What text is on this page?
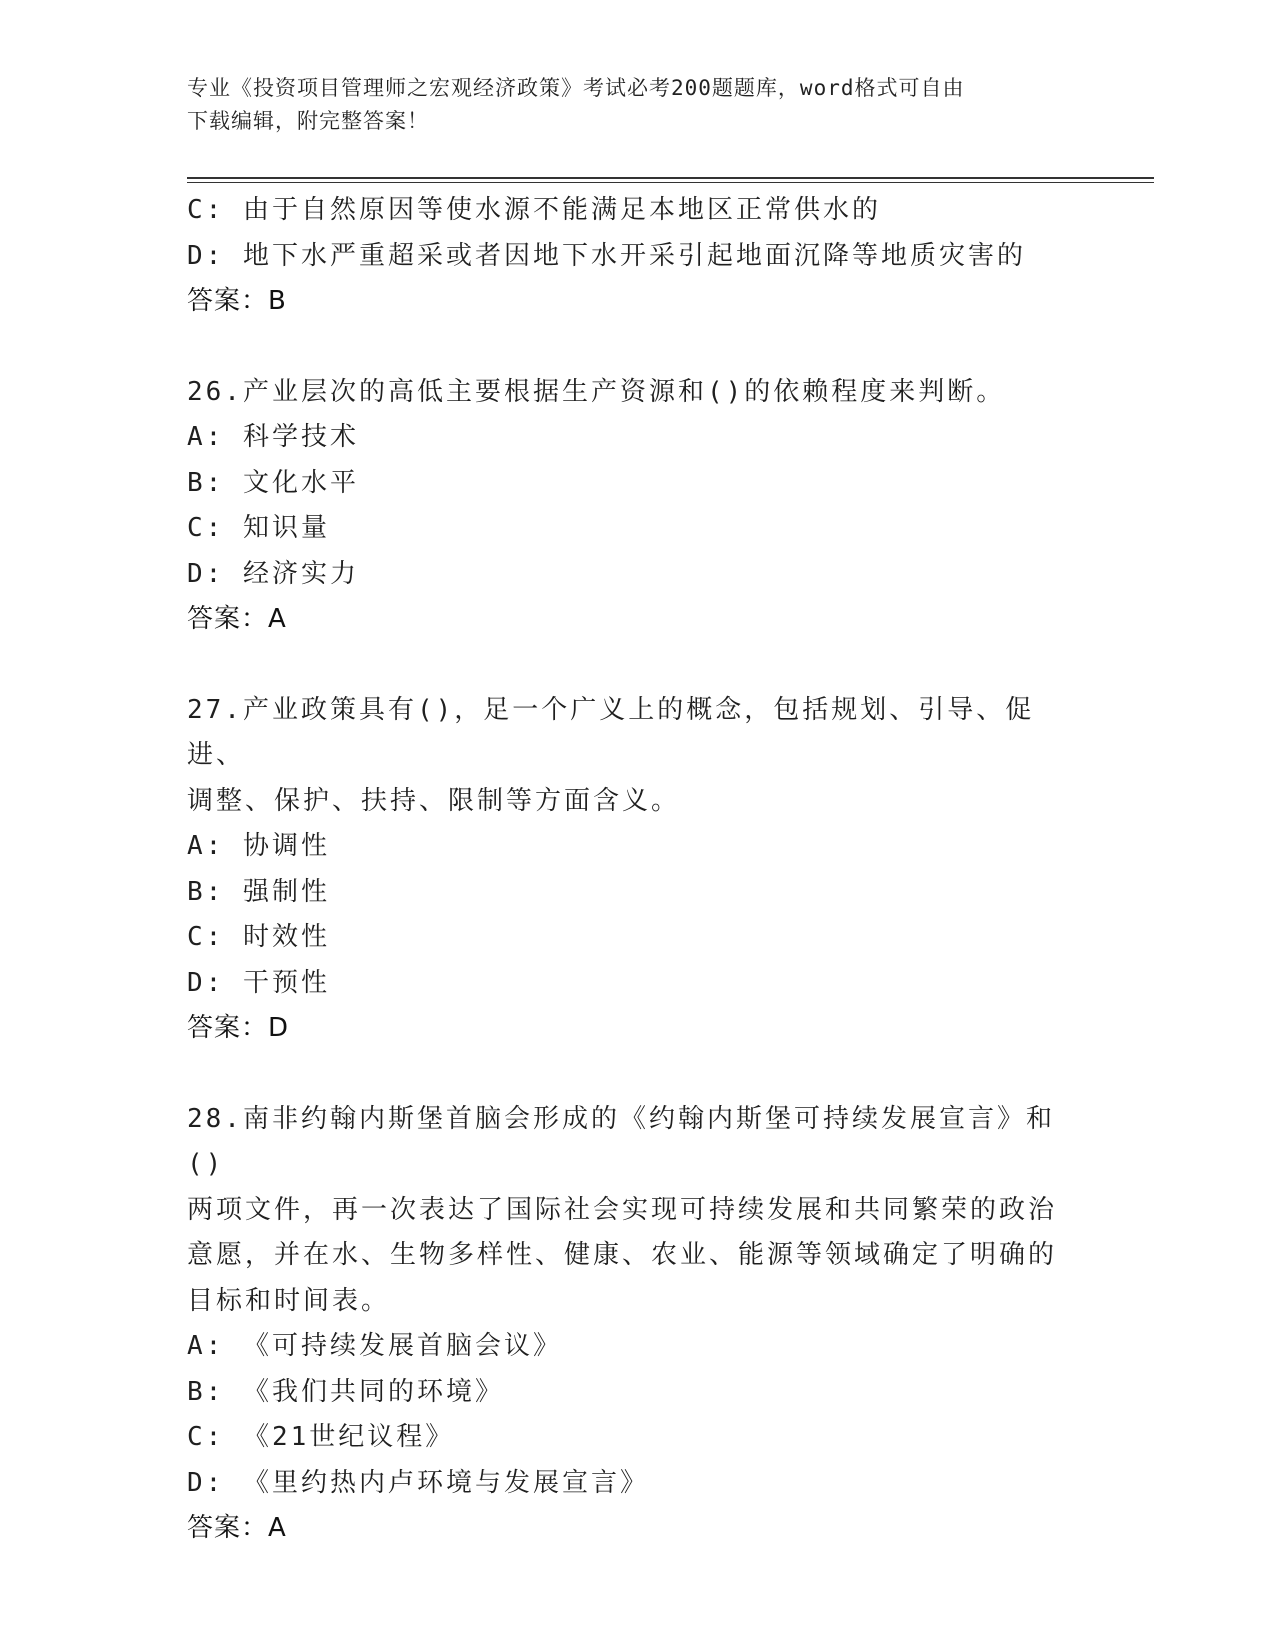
专业《投资项目管理师之宏观经济政策》考试必考200题题库，word格式可自由
下载编辑，附完整答案！
C: 由于自然原因等使水源不能满足本地区正常供水的
D: 地下水严重超采或者因地下水开采引起地面沉降等地质灾害的
答案：B
26.产业层次的高低主要根据生产资源和()的依赖程度来判断。
A: 科学技术
B: 文化水平
C: 知识量
D: 经济实力
答案：A
27.产业政策具有()，足一个广义上的概念，包括规划、引导、促进、
调整、保护、扶持、限制等方面含义。
A: 协调性
B: 强制性
C: 时效性
D: 干预性
答案：D
28.南非约翰内斯堡首脑会形成的《约翰内斯堡可持续发展宣言》和()
两项文件，再一次表达了国际社会实现可持续发展和共同繁荣的政治
意愿，并在水、生物多样性、健康、农业、能源等领域确定了明确的
目标和时间表。
A: 《可持续发展首脑会议》
B: 《我们共同的环境》
C: 《21世纪议程》
D: 《里约热内卢环境与发展宣言》
答案：A
